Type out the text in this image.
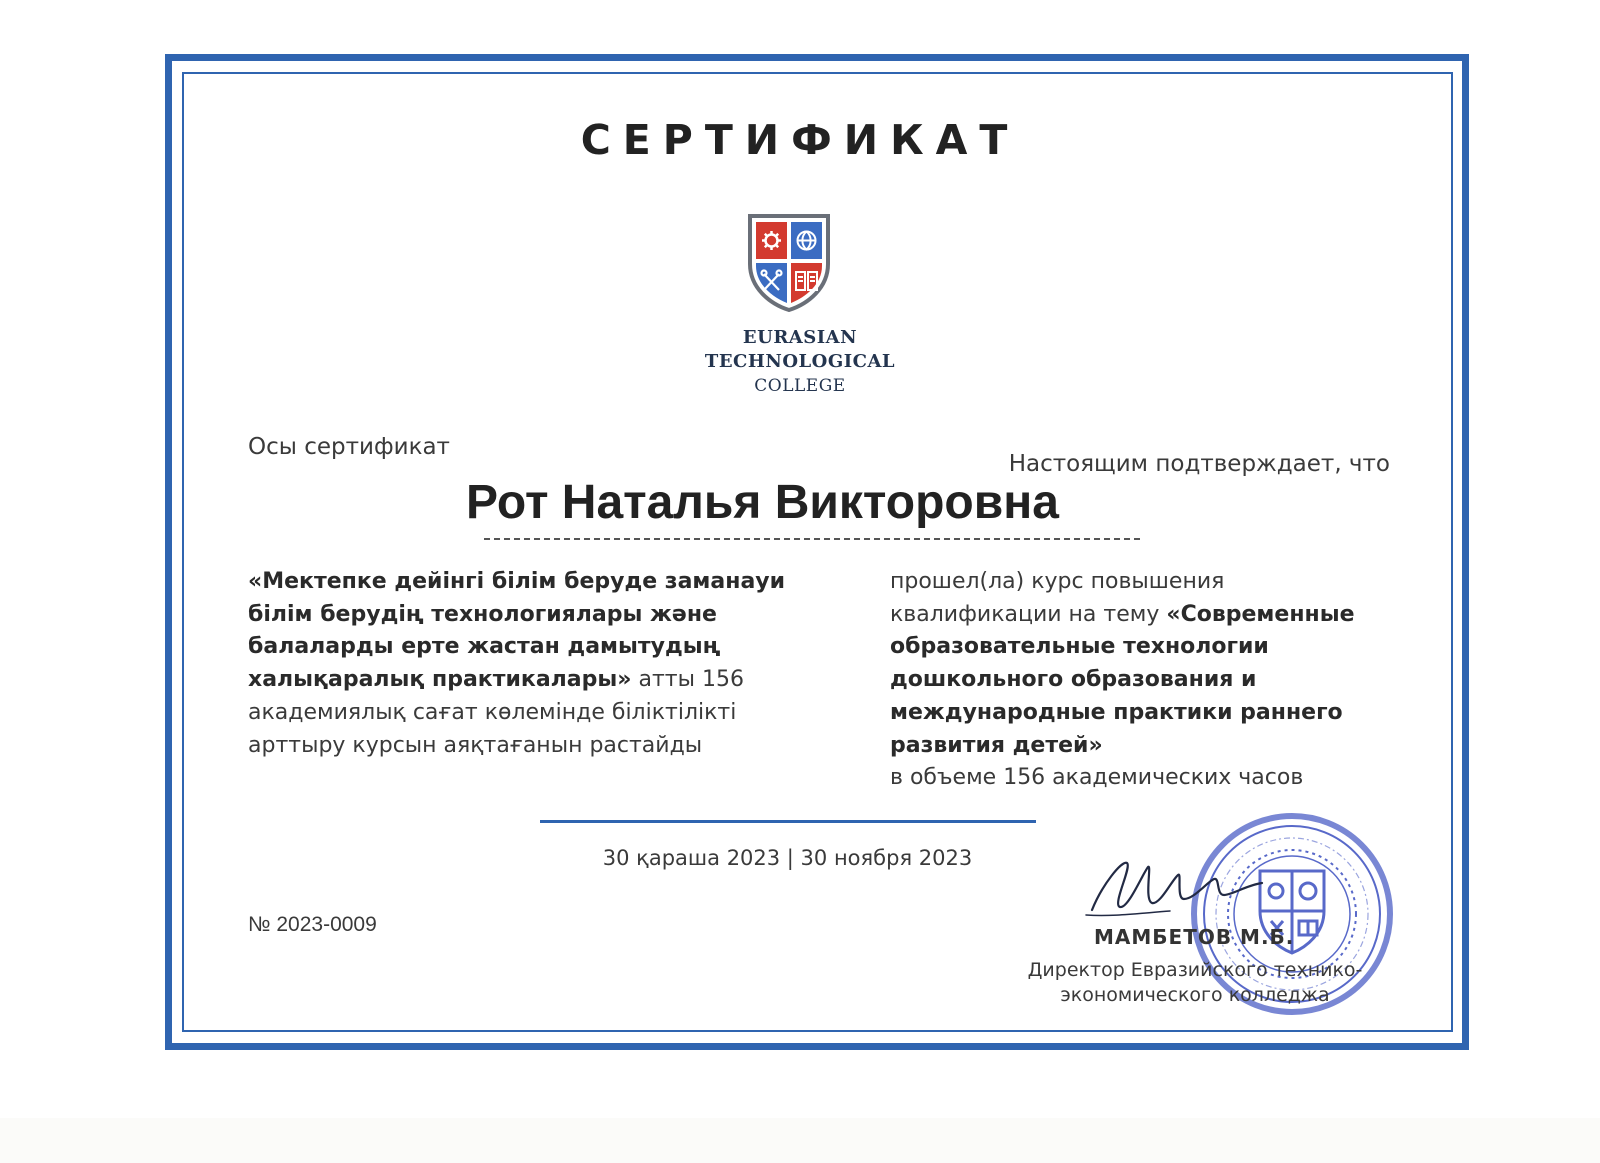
СЕРТИФИКАТ
EURASIAN
TECHNOLOGICAL
COLLEGE
Осы сертификат
Настоящим подтверждает, что
Рот Наталья Викторовна
«Мектепке дейінгі білім беруде заманауи білім берудің технологиялары және балаларды ерте жастан дамытудың халықаралық практикалары» атты 156 академиялық сағат көлемінде біліктілікті арттыру курсын аяқтағанын растайды
прошел(ла) курс повышения квалификации на тему «Современные образовательные технологии дошкольного образования и международные практики раннего развития детей»
в объеме 156 академических часов
30 қараша 2023 | 30 ноября 2023
№ 2023-0009
МАМБЕТОВ М.Б.
Директор Евразийского технико-
экономического колледжа
